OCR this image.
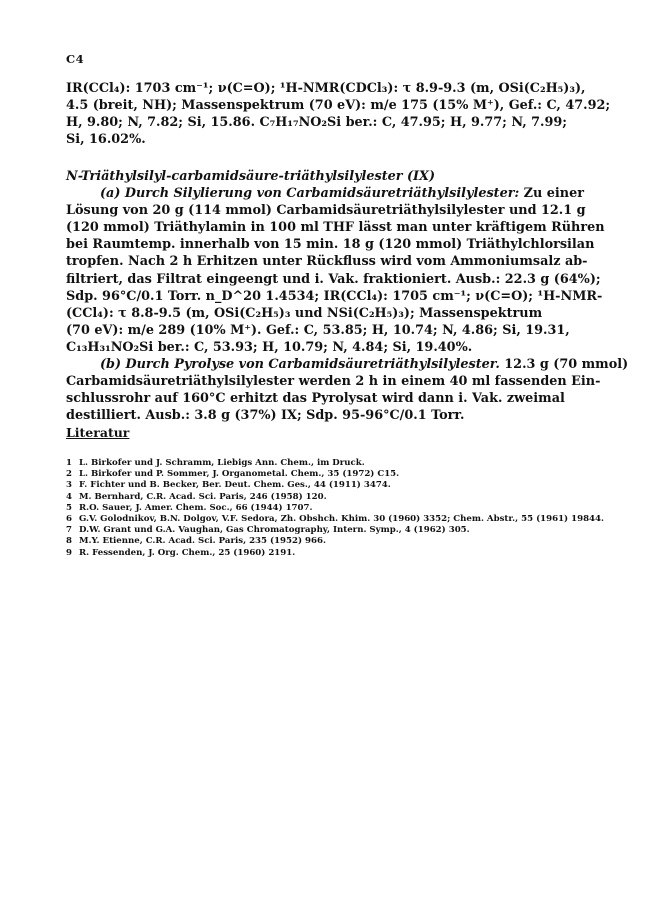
C4
IR(CCl₄): 1703 cm⁻¹; ν(C=O); ¹H-NMR(CDCl₃): τ 8.9-9.3 (m, OSi(C₂H₅)₃),
4.5 (breit, NH); Massenspektrum (70 eV): m/e 175 (15% M⁺), Gef.: C, 47.92;
H, 9.80; N, 7.82; Si, 15.86. C₇H₁₇NO₂Si ber.: C, 47.95; H, 9.77; N, 7.99;
Si, 16.02%.
N-Triäthylsilyl-carbamidsäure-triäthylsilylester (IX)
(a) Durch Silylierung von Carbamidsäuretriäthylsilylester: Zu einer
Lösung von 20 g (114 mmol) Carbamidsäuretriäthylsilylester und 12.1 g
(120 mmol) Triäthylamin in 100 ml THF lässt man unter kräftigem Rühren
bei Raumtemp. innerhalb von 15 min. 18 g (120 mmol) Triäthylchlorsilan
tropfen. Nach 2 h Erhitzen unter Rückfluss wird vom Ammoniumsalz ab-
filtriert, das Filtrat eingeengt und i. Vak. fraktioniert. Ausb.: 22.3 g (64%);
Sdp. 96°C/0.1 Torr. n_D^20 1.4534; IR(CCl₄): 1705 cm⁻¹; ν(C=O); ¹H-NMR-
(CCl₄): τ 8.8-9.5 (m, OSi(C₂H₅)₃ und NSi(C₂H₅)₃); Massenspektrum
(70 eV): m/e 289 (10% M⁺). Gef.: C, 53.85; H, 10.74; N, 4.86; Si, 19.31,
C₁₃H₃₁NO₂Si ber.: C, 53.93; H, 10.79; N, 4.84; Si, 19.40%.
(b) Durch Pyrolyse von Carbamidsäuretriäthylsilylester. 12.3 g (70 mmol)
Carbamidsäuretriäthylsilylester werden 2 h in einem 40 ml fassenden Ein-
schlussrohr auf 160°C erhitzt das Pyrolysat wird dann i. Vak. zweimal
destilliert. Ausb.: 3.8 g (37%) IX; Sdp. 95-96°C/0.1 Torr.
Literatur
1 L. Birkofer und J. Schramm, Liebigs Ann. Chem., im Druck.
2 L. Birkofer und P. Sommer, J. Organometal. Chem., 35 (1972) C15.
3 F. Fichter und B. Becker, Ber. Deut. Chem. Ges., 44 (1911) 3474.
4 M. Bernhard, C.R. Acad. Sci. Paris, 246 (1958) 120.
5 R.O. Sauer, J. Amer. Chem. Soc., 66 (1944) 1707.
6 G.V. Golodnikov, B.N. Dolgov, V.F. Sedora, Zh. Obshch. Khim. 30 (1960) 3352; Chem. Abstr., 55 (1961) 19844.
7 D.W. Grant und G.A. Vaughan, Gas Chromatography, Intern. Symp., 4 (1962) 305.
8 M.Y. Etienne, C.R. Acad. Sci. Paris, 235 (1952) 966.
9 R. Fessenden, J. Org. Chem., 25 (1960) 2191.
